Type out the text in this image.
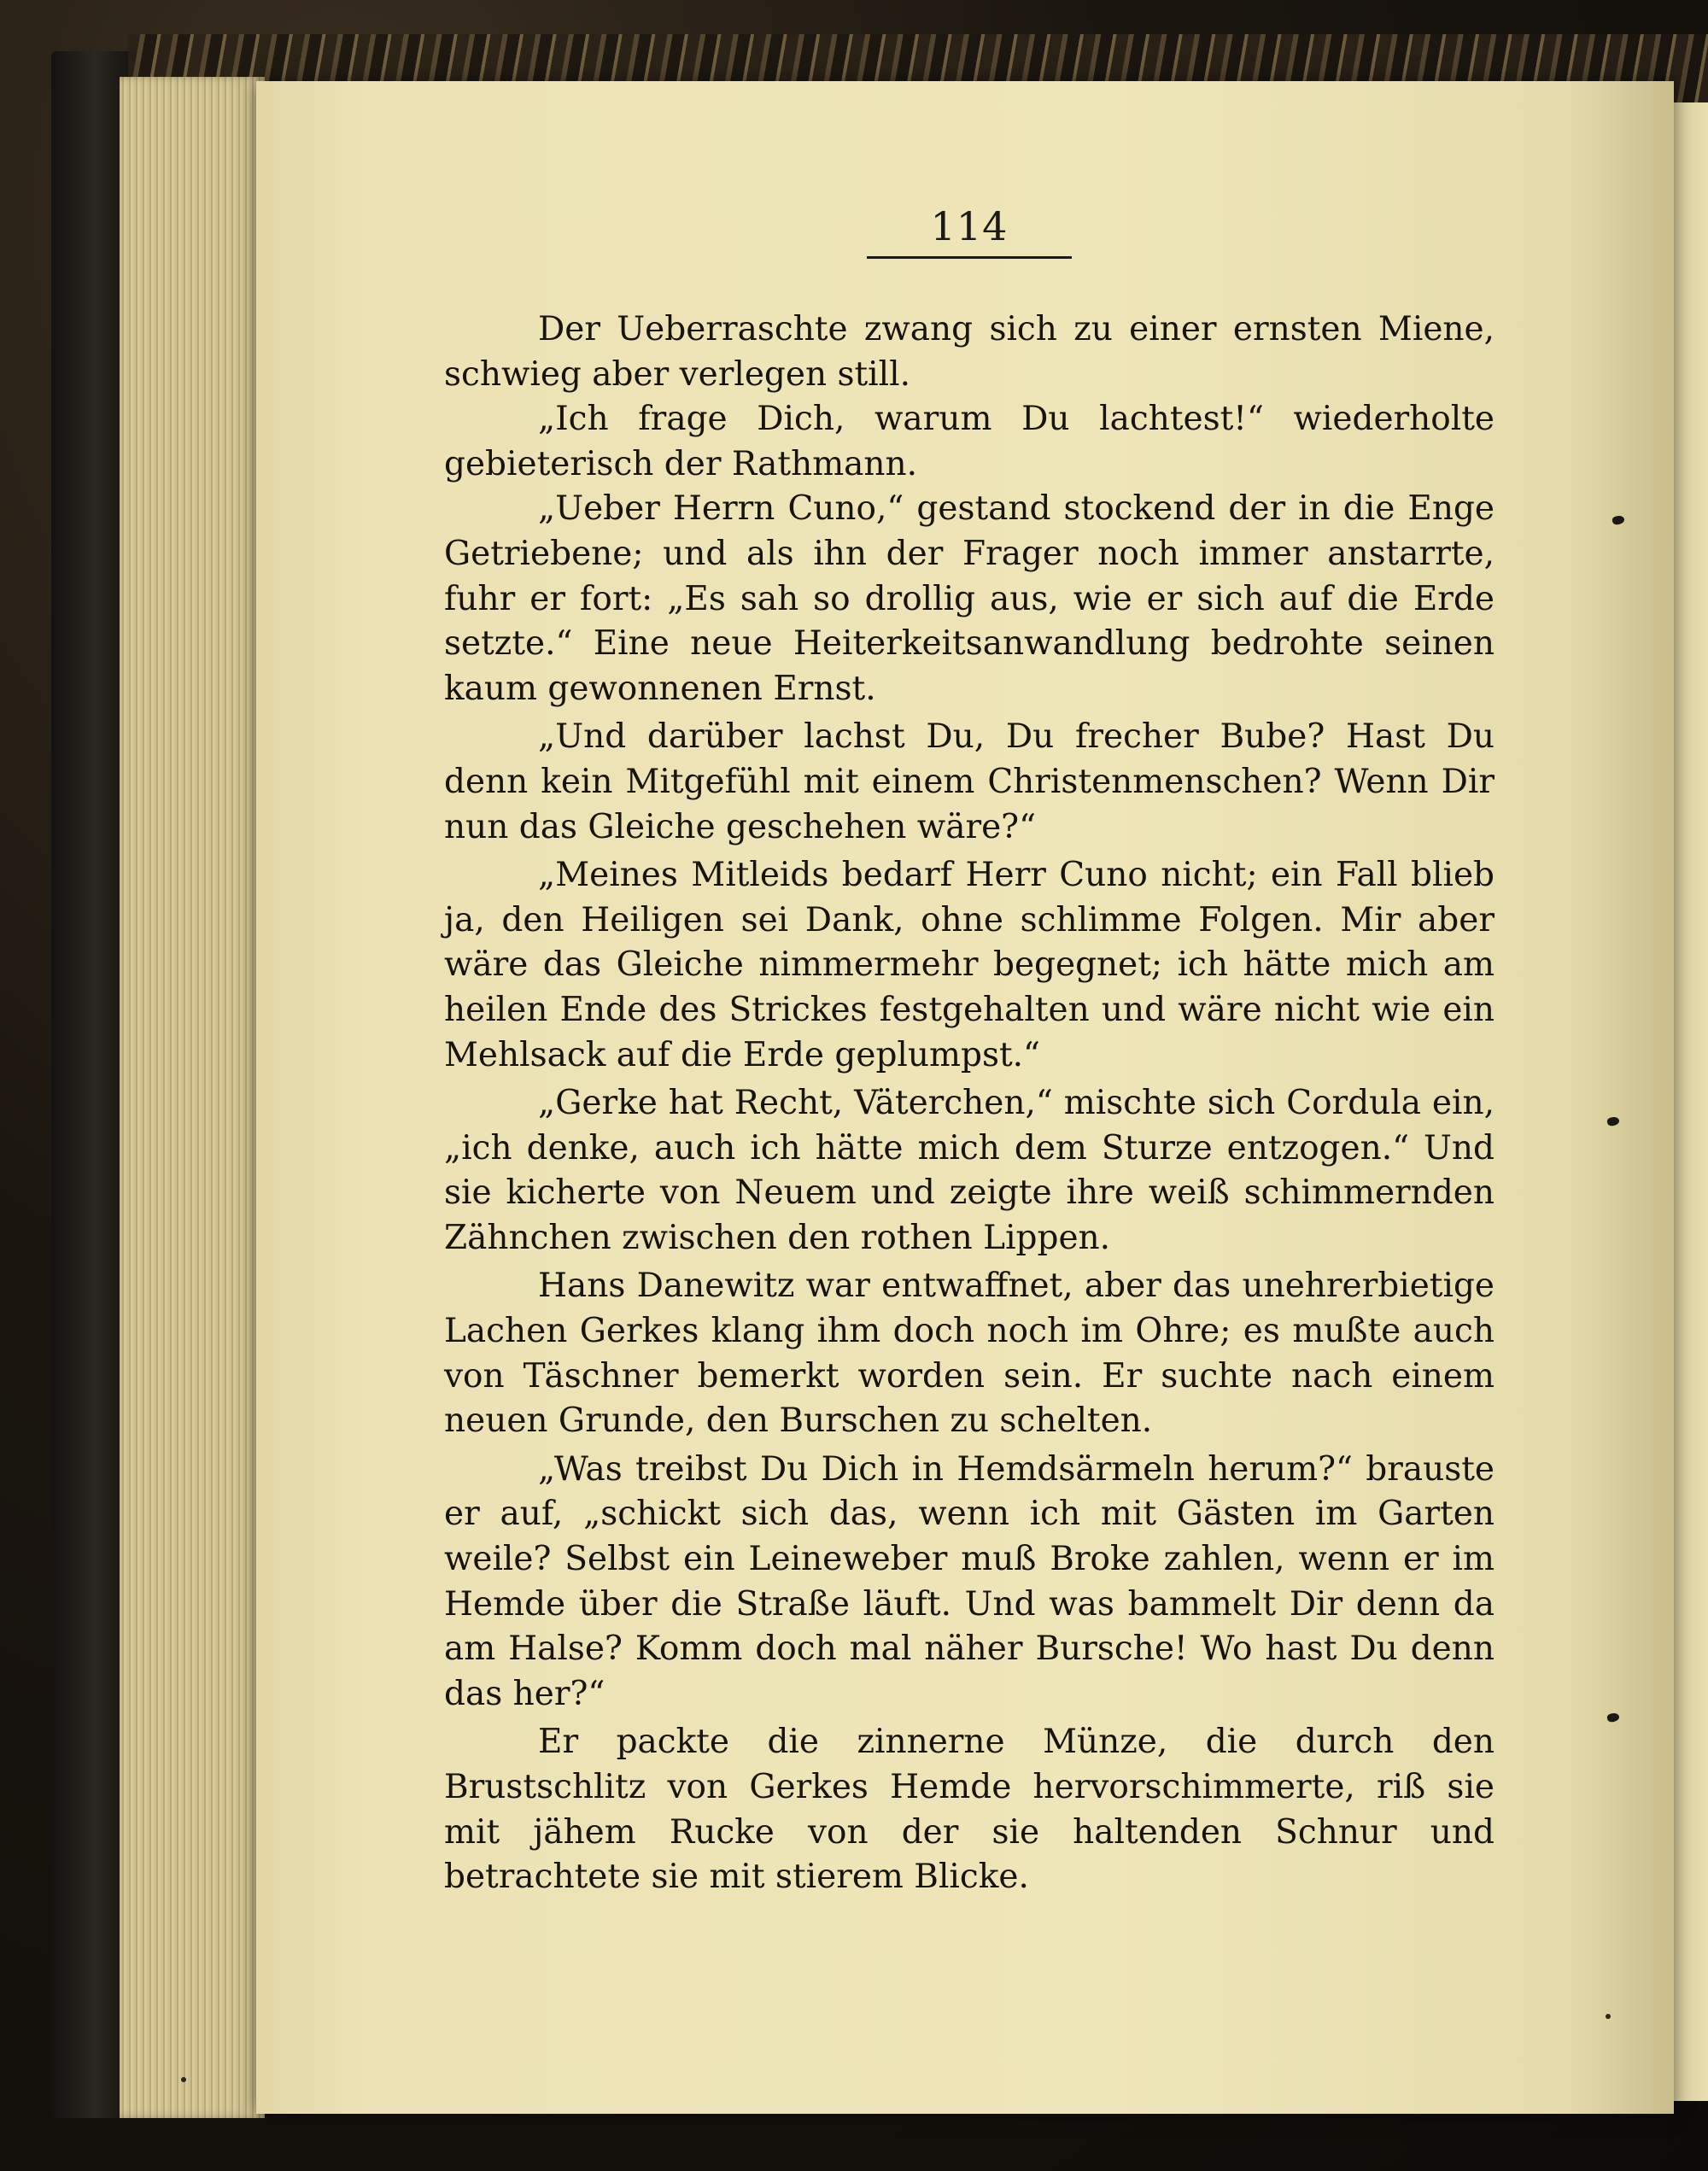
114

Der Ueberraschte zwang sich zu einer ernsten Miene, schwieg aber verlegen still.

„Ich frage Dich, warum Du lachtest!“ wiederholte gebieterisch der Rathmann.

„Ueber Herrn Cuno,“ gestand stockend der in die Enge Getriebene; und als ihn der Frager noch immer anstarrte, fuhr er fort: „Es sah so drollig aus, wie er sich auf die Erde setzte.“ Eine neue Heiterkeitsanwandlung bedrohte seinen kaum gewonnenen Ernst.

„Und darüber lachst Du, Du frecher Bube? Hast Du denn kein Mitgefühl mit einem Christenmenschen? Wenn Dir nun das Gleiche geschehen wäre?“

„Meines Mitleids bedarf Herr Cuno nicht; ein Fall blieb ja, den Heiligen sei Dank, ohne schlimme Folgen. Mir aber wäre das Gleiche nimmermehr begegnet; ich hätte mich am heilen Ende des Strickes festgehalten und wäre nicht wie ein Mehlsack auf die Erde geplumpst.“

„Gerke hat Recht, Väterchen,“ mischte sich Cordula ein, „ich denke, auch ich hätte mich dem Sturze entzogen.“ Und sie kicherte von Neuem und zeigte ihre weiß schimmernden Zähnchen zwischen den rothen Lippen.

Hans Danewitz war entwaffnet, aber das unehrerbietige Lachen Gerkes klang ihm doch noch im Ohre; es mußte auch von Täschner bemerkt worden sein. Er suchte nach einem neuen Grunde, den Burschen zu schelten.

„Was treibst Du Dich in Hemdsärmeln herum?“ brauste er auf, „schickt sich das, wenn ich mit Gästen im Garten weile? Selbst ein Leineweber muß Broke zahlen, wenn er im Hemde über die Straße läuft. Und was bammelt Dir denn da am Halse? Komm doch mal näher Bursche! Wo hast Du denn das her?“

Er packte die zinnerne Münze, die durch den Brustschlitz von Gerkes Hemde hervorschimmerte, riß sie mit jähem Rucke von der sie haltenden Schnur und betrachtete sie mit stierem Blicke.
